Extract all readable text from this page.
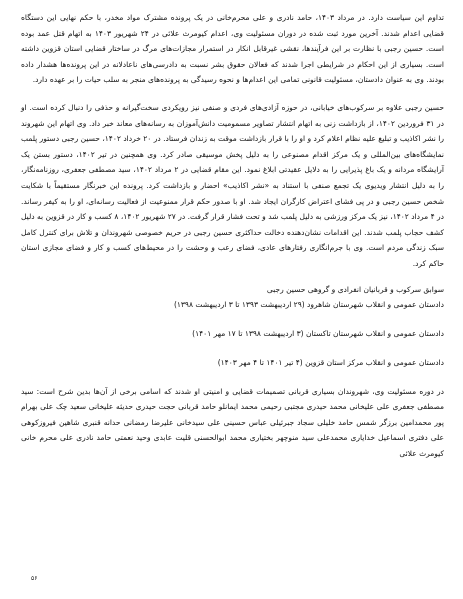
تداوم این سیاست دارد. در مرداد ۱۴۰۳، حامد نادری و علی محرم‌خانی در یک پرونده مشترک مواد مخدر، با حکم نهایی این دستگاه قضایی اعدام شدند. آخرین مورد ثبت شده در دوران مسئولیت وی، اعدام کیومرث علائی در ۲۴ شهریور ۱۴۰۳ به اتهام قتل عمد بوده است. حسین رجبی با نظارت بر این فرآیندها، نقشی غیرقابل انکار در استمرار مجازات‌های مرگ در ساختار قضایی استان قزوین داشته است. بسیاری از این احکام در شرایطی اجرا شدند که فعالان حقوق بشر نسبت به دادرسی‌های ناعادلانه در این پرونده‌ها هشدار داده بودند. وی به عنوان دادستان، مسئولیت قانونی تمامی این اعدام‌ها و نحوه رسیدگی به پرونده‌های منجر به سلب حیات را بر عهده دارد.

حسین رجبی علاوه بر سرکوب‌های خیابانی، در حوزه آزادی‌های فردی و صنفی نیز رویکردی سخت‌گیرانه و حذفی را دنبال کرده است. او در ۳۱ فروردین ۱۴۰۲، از بازداشت زنی به اتهام انتشار تصاویر مسمومیت دانش‌آموزان به رسانه‌های معاند خبر داد. وی اتهام این شهروند را نشر اکاذیب و تبلیغ علیه نظام اعلام کرد و او را با قرار بازداشت موقت به زندان فرستاد. در ۲۰ خرداد ۱۴۰۲، حسین رجبی دستور پلمب نمایشگاه‌های بین‌المللی و یک مرکز اقدام مصنوعی را به دلیل پخش موسیقی صادر کرد. وی همچنین در تیر ۱۴۰۲، دستور بستن یک آرایشگاه مردانه و یک باغ پذیرایی را به دلایل عقیدتی ابلاغ نمود. این مقام قضایی در ۲ مرداد ۱۴۰۲، سید مصطفی جعفری، روزنامه‌نگار، را به دلیل انتشار ویدیوی یک تجمع صنفی با استناد به «نشر اکاذیب» احضار و بازداشت کرد. پرونده این خبرنگار مستقیماً با شکایت شخص حسین رجبی و در پی فشای اعتراض کارگران ایجاد شد. او با صدور حکم قرار ممنوعیت از فعالیت رسانه‌ای، او را به کیفر رساند. در ۴ مرداد ۱۴۰۲، نیز یک مرکز ورزشی به دلیل پلمب شد و تحت فشار قرار گرفت. در ۲۷ شهریور ۱۴۰۲، ۸ کسب و کار در قزوین به دلیل کشف حجاب پلمب شدند. این اقدامات نشان‌دهنده دخالت حداکثری حسین رجبی در حریم خصوصی شهروندان و تلاش برای کنترل کامل سبک زندگی مردم است. وی با جرم‌انگاری رفتارهای عادی، فضای رعب و وحشت را در محیط‌های کسب و کار و فضای مجازی استان حاکم کرد.

سوابق سرکوب و قربانیان انفرادی و گروهی حسین رجبی
دادستان عمومی و انقلاب شهرستان شاهرود (۲۹ اردیبهشت ۱۳۹۳ تا ۳ اردیبهشت ۱۳۹۸)
دادستان عمومی و انقلاب شهرستان تاکستان (۳ اردیبهشت ۱۳۹۸ تا ۱۷ مهر ۱۴۰۱)
دادستان عمومی و انقلاب مرکز استان قزوین (۴ تیر ۱۴۰۱ تا ۴ مهر ۱۴۰۳)

در دوره مسئولیت وی، شهروندان بسیاری قربانی تصمیمات قضایی و امنیتی او شدند که اسامی برخی از آن‌ها بدین شرح است: سید مصطفی جعفری علی علیخانی محمد حیدری مجتبی رحیمی محمد ایمانلو حامد قربانی حجت حیدری حدیثه علیخانی سعید چک علی بهرام پور محمدامین برزگر شمس حامد خلیلی سجاد جبرئیلی عباس حسینی علی سیدخانی علیرضا رمضانی حدانه قنبری شاهین فیروزکوهی علی دفتری اسماعیل خدایاری محمدعلی سید منوچهر بختیاری محمد ابوالحسنی قلیت عابدی وحید نعمتی حامد نادری علی محرم خانی کیومرث علائی

۵۶
